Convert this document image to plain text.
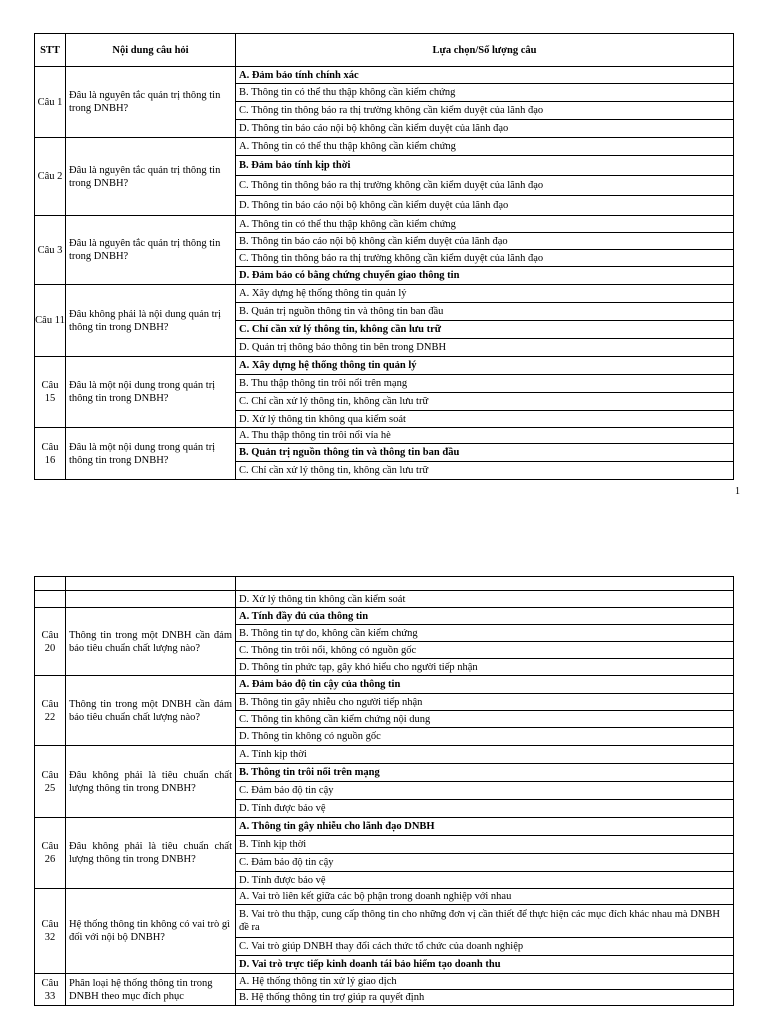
STT	Nội dung câu hỏi	Lựa chọn/Số lượng câu
Câu 1	Đâu là nguyên tắc quản trị thông tin trong DNBH?	A. Đảm bảo tính chính xác
		B. Thông tin có thể thu thập không cần kiểm chứng
		C. Thông tin thông báo ra thị trường không cần kiểm duyệt của lãnh đạo
		D. Thông tin báo cáo nội bộ không cần kiểm duyệt của lãnh đạo
Câu 2	Đâu là nguyên tắc quản trị thông tin trong DNBH?	A. Thông tin có thể thu thập không cần kiểm chứng
		B. Đảm bảo tính kịp thời
		C. Thông tin thông báo ra thị trường không cần kiểm duyệt của lãnh đạo
		D. Thông tin báo cáo nội bộ không cần kiểm duyệt của lãnh đạo
Câu 3	Đâu là nguyên tắc quản trị thông tin trong DNBH?	A. Thông tin có thể thu thập không cần kiểm chứng
		B. Thông tin báo cáo nội bộ không cần kiểm duyệt của lãnh đạo
		C. Thông tin thông báo ra thị trường không cần kiểm duyệt của lãnh đạo
		D. Đảm bảo có bằng chứng chuyển giao thông tin
Câu 11	Đâu không phải là nội dung quản trị thông tin trong DNBH?	A. Xây dựng hệ thống thông tin quản lý
		B. Quản trị nguồn thông tin và thông tin ban đầu
		C. Chỉ cần xử lý thông tin, không cần lưu trữ
		D. Quản trị thông báo thông tin bên trong DNBH
Câu 15	Đâu là một nội dung trong quản trị thông tin trong DNBH?	A. Xây dựng hệ thống thông tin quản lý
		B. Thu thập thông tin trôi nổi trên mạng
		C. Chỉ cần xử lý thông tin, không cần lưu trữ
		D. Xử lý thông tin không qua kiểm soát
Câu 16	Đâu là một nội dung trong quản trị thông tin trong DNBH?	A. Thu thập thông tin trôi nổi vỉa hè
		B. Quản trị nguồn thông tin và thông tin ban đầu
		C. Chỉ cần xử lý thông tin, không cần lưu trữ
1

		D. Xử lý thông tin không cần kiểm soát
Câu 20	Thông tin trong một DNBH cần đảm bảo tiêu chuẩn chất lượng nào?	A. Tính đầy đủ của thông tin
		B. Thông tin tự do, không cần kiểm chứng
		C. Thông tin trôi nổi, không có nguồn gốc
		D. Thông tin phức tạp, gây khó hiểu cho người tiếp nhận
Câu 22	Thông tin trong một DNBH cần đảm bảo tiêu chuẩn chất lượng nào?	A. Đảm bảo độ tin cậy của thông tin
		B. Thông tin gây nhiễu cho người tiếp nhận
		C. Thông tin không cần kiểm chứng nội dung
		D. Thông tin không có nguồn gốc
Câu 25	Đâu không phải là tiêu chuẩn chất lượng thông tin trong DNBH?	A. Tính kịp thời
		B. Thông tin trôi nổi trên mạng
		C. Đảm bảo độ tin cậy
		D. Tính được bảo vệ
Câu 26	Đâu không phải là tiêu chuẩn chất lượng thông tin trong DNBH?	A. Thông tin gây nhiễu cho lãnh đạo DNBH
		B. Tính kịp thời
		C. Đảm bảo độ tin cậy
		D. Tính được bảo vệ
Câu 32	Hệ thống thông tin không có vai trò gì đối với nội bộ DNBH?	A. Vai trò liên kết giữa các bộ phận trong doanh nghiệp với nhau
		B. Vai trò thu thập, cung cấp thông tin cho những đơn vị cần thiết để thực hiện các mục đích khác nhau mà DNBH đề ra
		C. Vai trò giúp DNBH thay đổi cách thức tổ chức của doanh nghiệp
		D. Vai trò trực tiếp kinh doanh tái bảo hiểm tạo doanh thu
Câu 33	Phân loại hệ thống thông tin trong DNBH theo mục đích phục	A. Hệ thống thông tin xử lý giao dịch
		B. Hệ thống thông tin trợ giúp ra quyết định
